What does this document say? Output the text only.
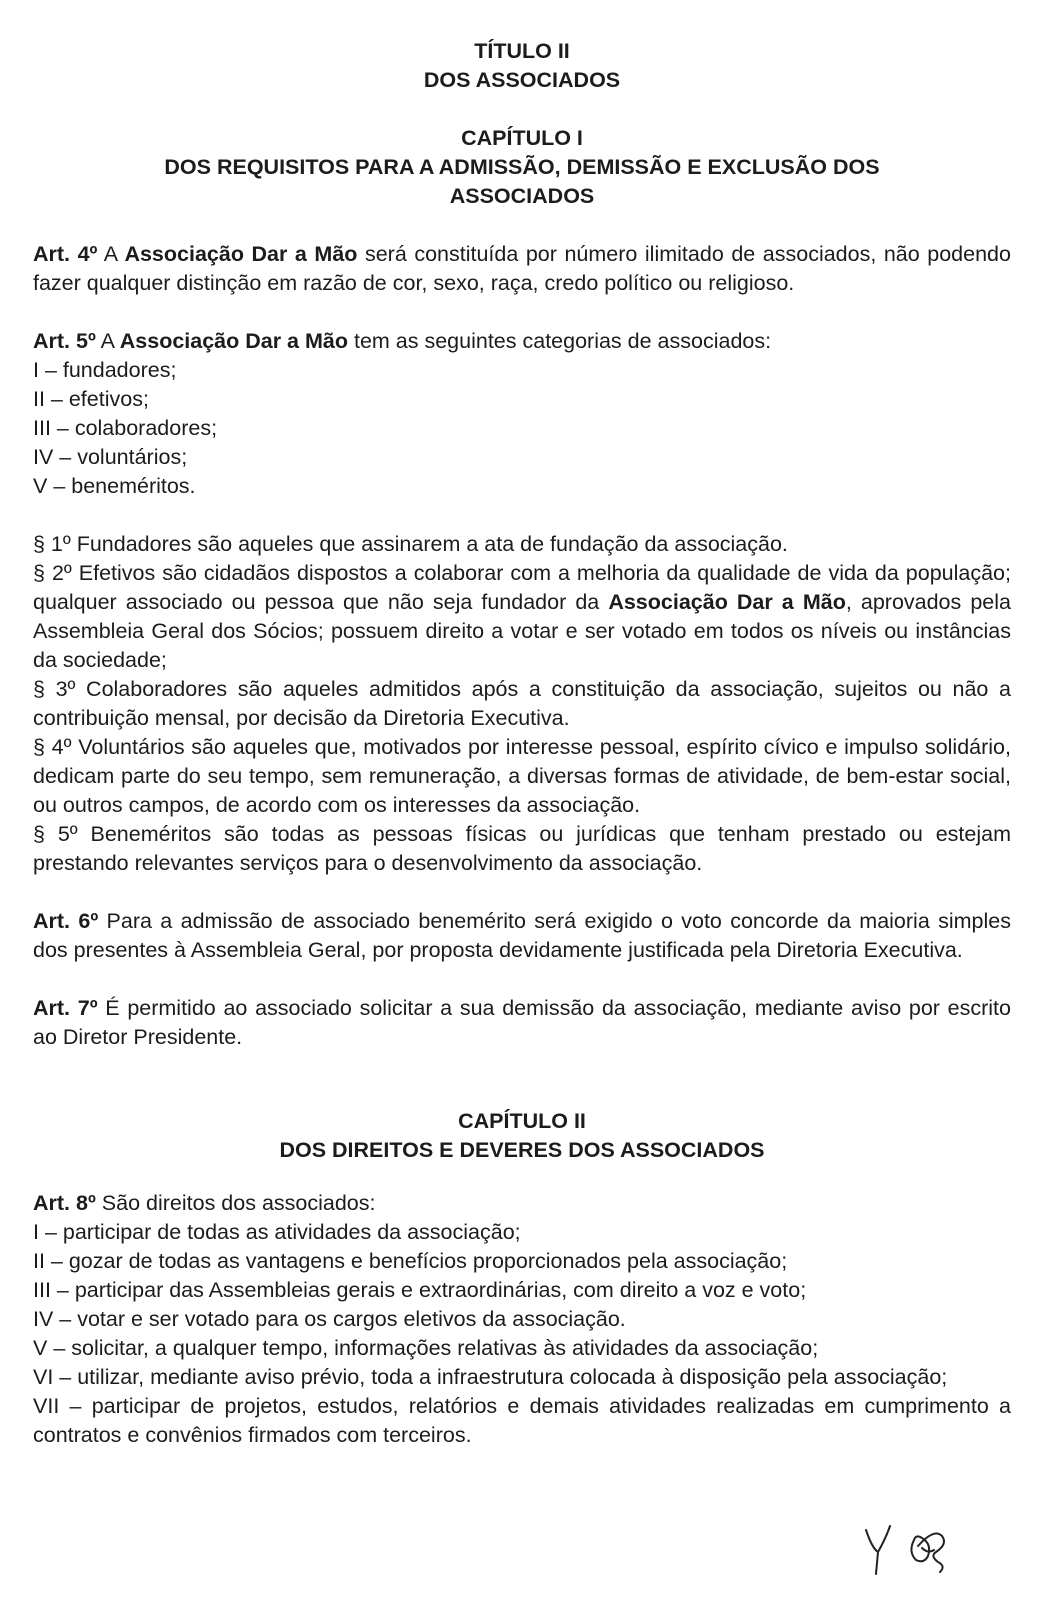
TÍTULO II

DOS ASSOCIADOS

CAPÍTULO I

DOS REQUISITOS PARA A ADMISSÃO, DEMISSÃO E EXCLUSÃO DOS

ASSOCIADOS

Art. 4º A Associação Dar a Mão será constituída por número ilimitado de associados, não podendo fazer qualquer distinção em razão de cor, sexo, raça, credo político ou religioso.

Art. 5º A Associação Dar a Mão tem as seguintes categorias de associados:

I – fundadores;

II – efetivos;

III – colaboradores;

IV – voluntários;

V – beneméritos.

§ 1º Fundadores são aqueles que assinarem a ata de fundação da associação.

§ 2º Efetivos são cidadãos dispostos a colaborar com a melhoria da qualidade de vida da população; qualquer associado ou pessoa que não seja fundador da Associação Dar a Mão, aprovados pela Assembleia Geral dos Sócios; possuem direito a votar e ser votado em todos os níveis ou instâncias da sociedade;

§ 3º Colaboradores são aqueles admitidos após a constituição da associação, sujeitos ou não a contribuição mensal, por decisão da Diretoria Executiva.

§ 4º Voluntários são aqueles que, motivados por interesse pessoal, espírito cívico e impulso solidário, dedicam parte do seu tempo, sem remuneração, a diversas formas de atividade, de bem-estar social, ou outros campos, de acordo com os interesses da associação.

§ 5º Beneméritos são todas as pessoas físicas ou jurídicas que tenham prestado ou estejam prestando relevantes serviços para o desenvolvimento da associação.

Art. 6º Para a admissão de associado benemérito será exigido o voto concorde da maioria simples dos presentes à Assembleia Geral, por proposta devidamente justificada pela Diretoria Executiva.

Art. 7º É permitido ao associado solicitar a sua demissão da associação, mediante aviso por escrito ao Diretor Presidente.

CAPÍTULO II

DOS DIREITOS E DEVERES DOS ASSOCIADOS

Art. 8º São direitos dos associados:

I – participar de todas as atividades da associação;

II – gozar de todas as vantagens e benefícios proporcionados pela associação;

III – participar das Assembleias gerais e extraordinárias, com direito a voz e voto;

IV – votar e ser votado para os cargos eletivos da associação.

V – solicitar, a qualquer tempo, informações relativas às atividades da associação;

VI – utilizar, mediante aviso prévio, toda a infraestrutura colocada à disposição pela associação;

VII – participar de projetos, estudos, relatórios e demais atividades realizadas em cumprimento a contratos e convênios firmados com terceiros.
